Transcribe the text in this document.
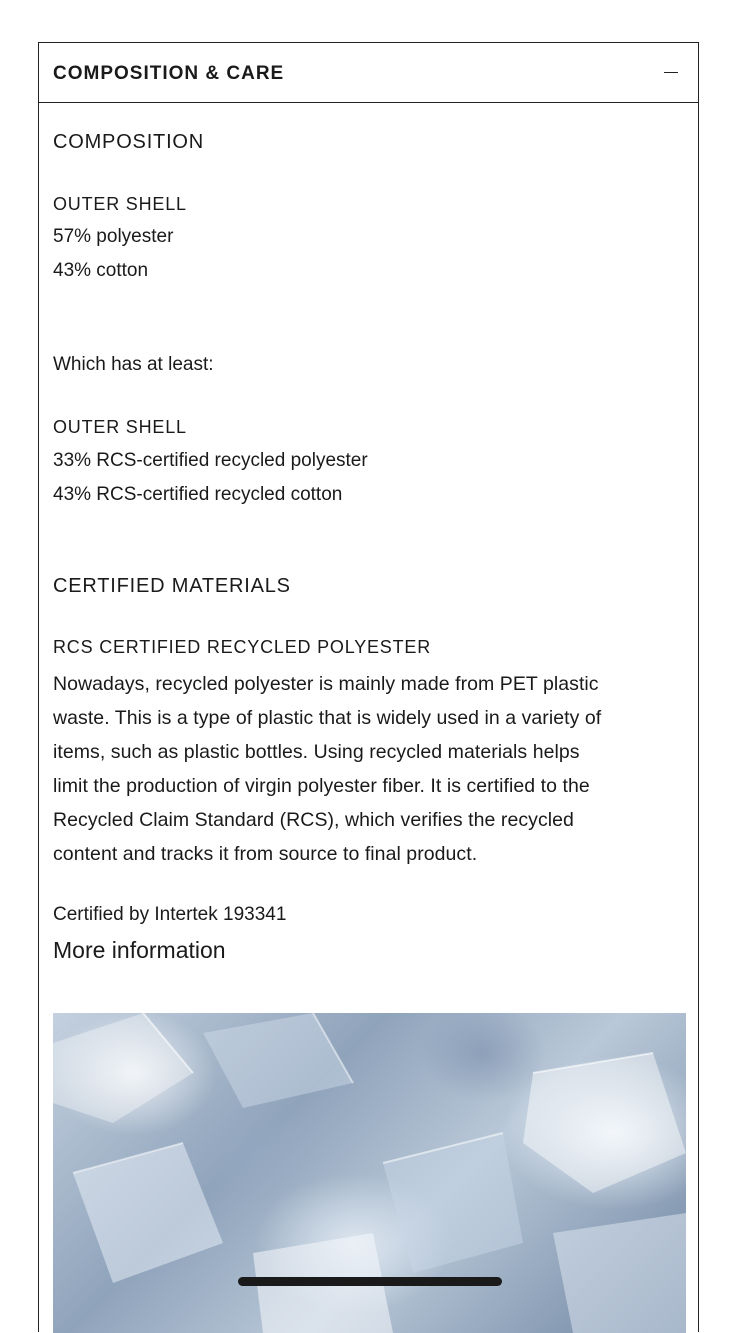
COMPOSITION & CARE
COMPOSITION
OUTER SHELL
57% polyester
43% cotton
Which has at least:
OUTER SHELL
33% RCS-certified recycled polyester
43% RCS-certified recycled cotton
CERTIFIED MATERIALS
RCS CERTIFIED RECYCLED POLYESTER
Nowadays, recycled polyester is mainly made from PET plastic
waste. This is a type of plastic that is widely used in a variety of
items, such as plastic bottles. Using recycled materials helps
limit the production of virgin polyester fiber. It is certified to the
Recycled Claim Standard (RCS), which verifies the recycled
content and tracks it from source to final product.
Certified by Intertek 193341
More information
